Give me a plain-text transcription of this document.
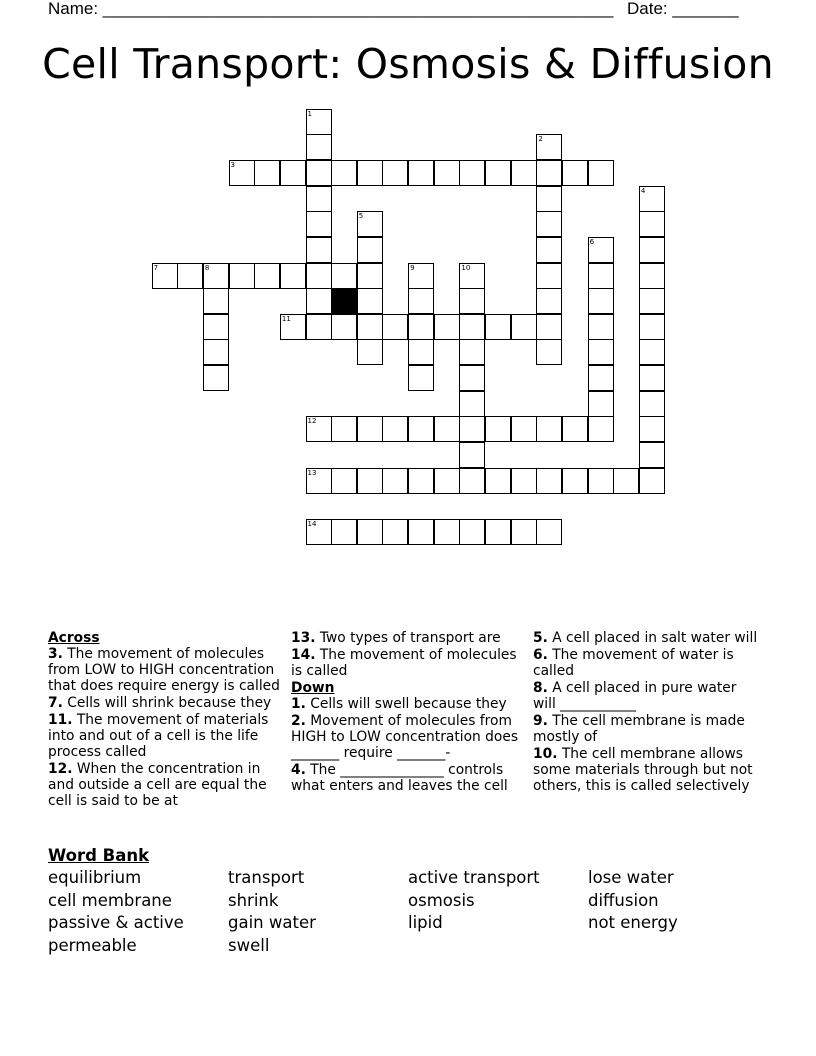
Name: ______________________________________________________ Date: _______
Cell Transport: Osmosis & Diffusion
3
7	8
11
12
13
14
1
2
4
5
6
9	10
Across
3. The movement of molecules from LOW to HIGH concentration that does require energy is called
7. Cells will shrink because they
11. The movement of materials into and out of a cell is the life process called
12. When the concentration in and outside a cell are equal the cell is said to be at
13. Two types of transport are
14. The movement of molecules is called
Down
1. Cells will swell because they
2. Movement of molecules from HIGH to LOW concentration does _______ require _______-
4. The _______________ controls what enters and leaves the cell
5. A cell placed in salt water will
6. The movement of water is called
8. A cell placed in pure water will ___________
9. The cell membrane is made mostly of
10. The cell membrane allows some materials through but not others, this is called selectively
Word Bank
equilibrium	transport	active transport	lose water
cell membrane	shrink	osmosis	diffusion
passive & active	gain water	lipid	not energy
permeable	swell
